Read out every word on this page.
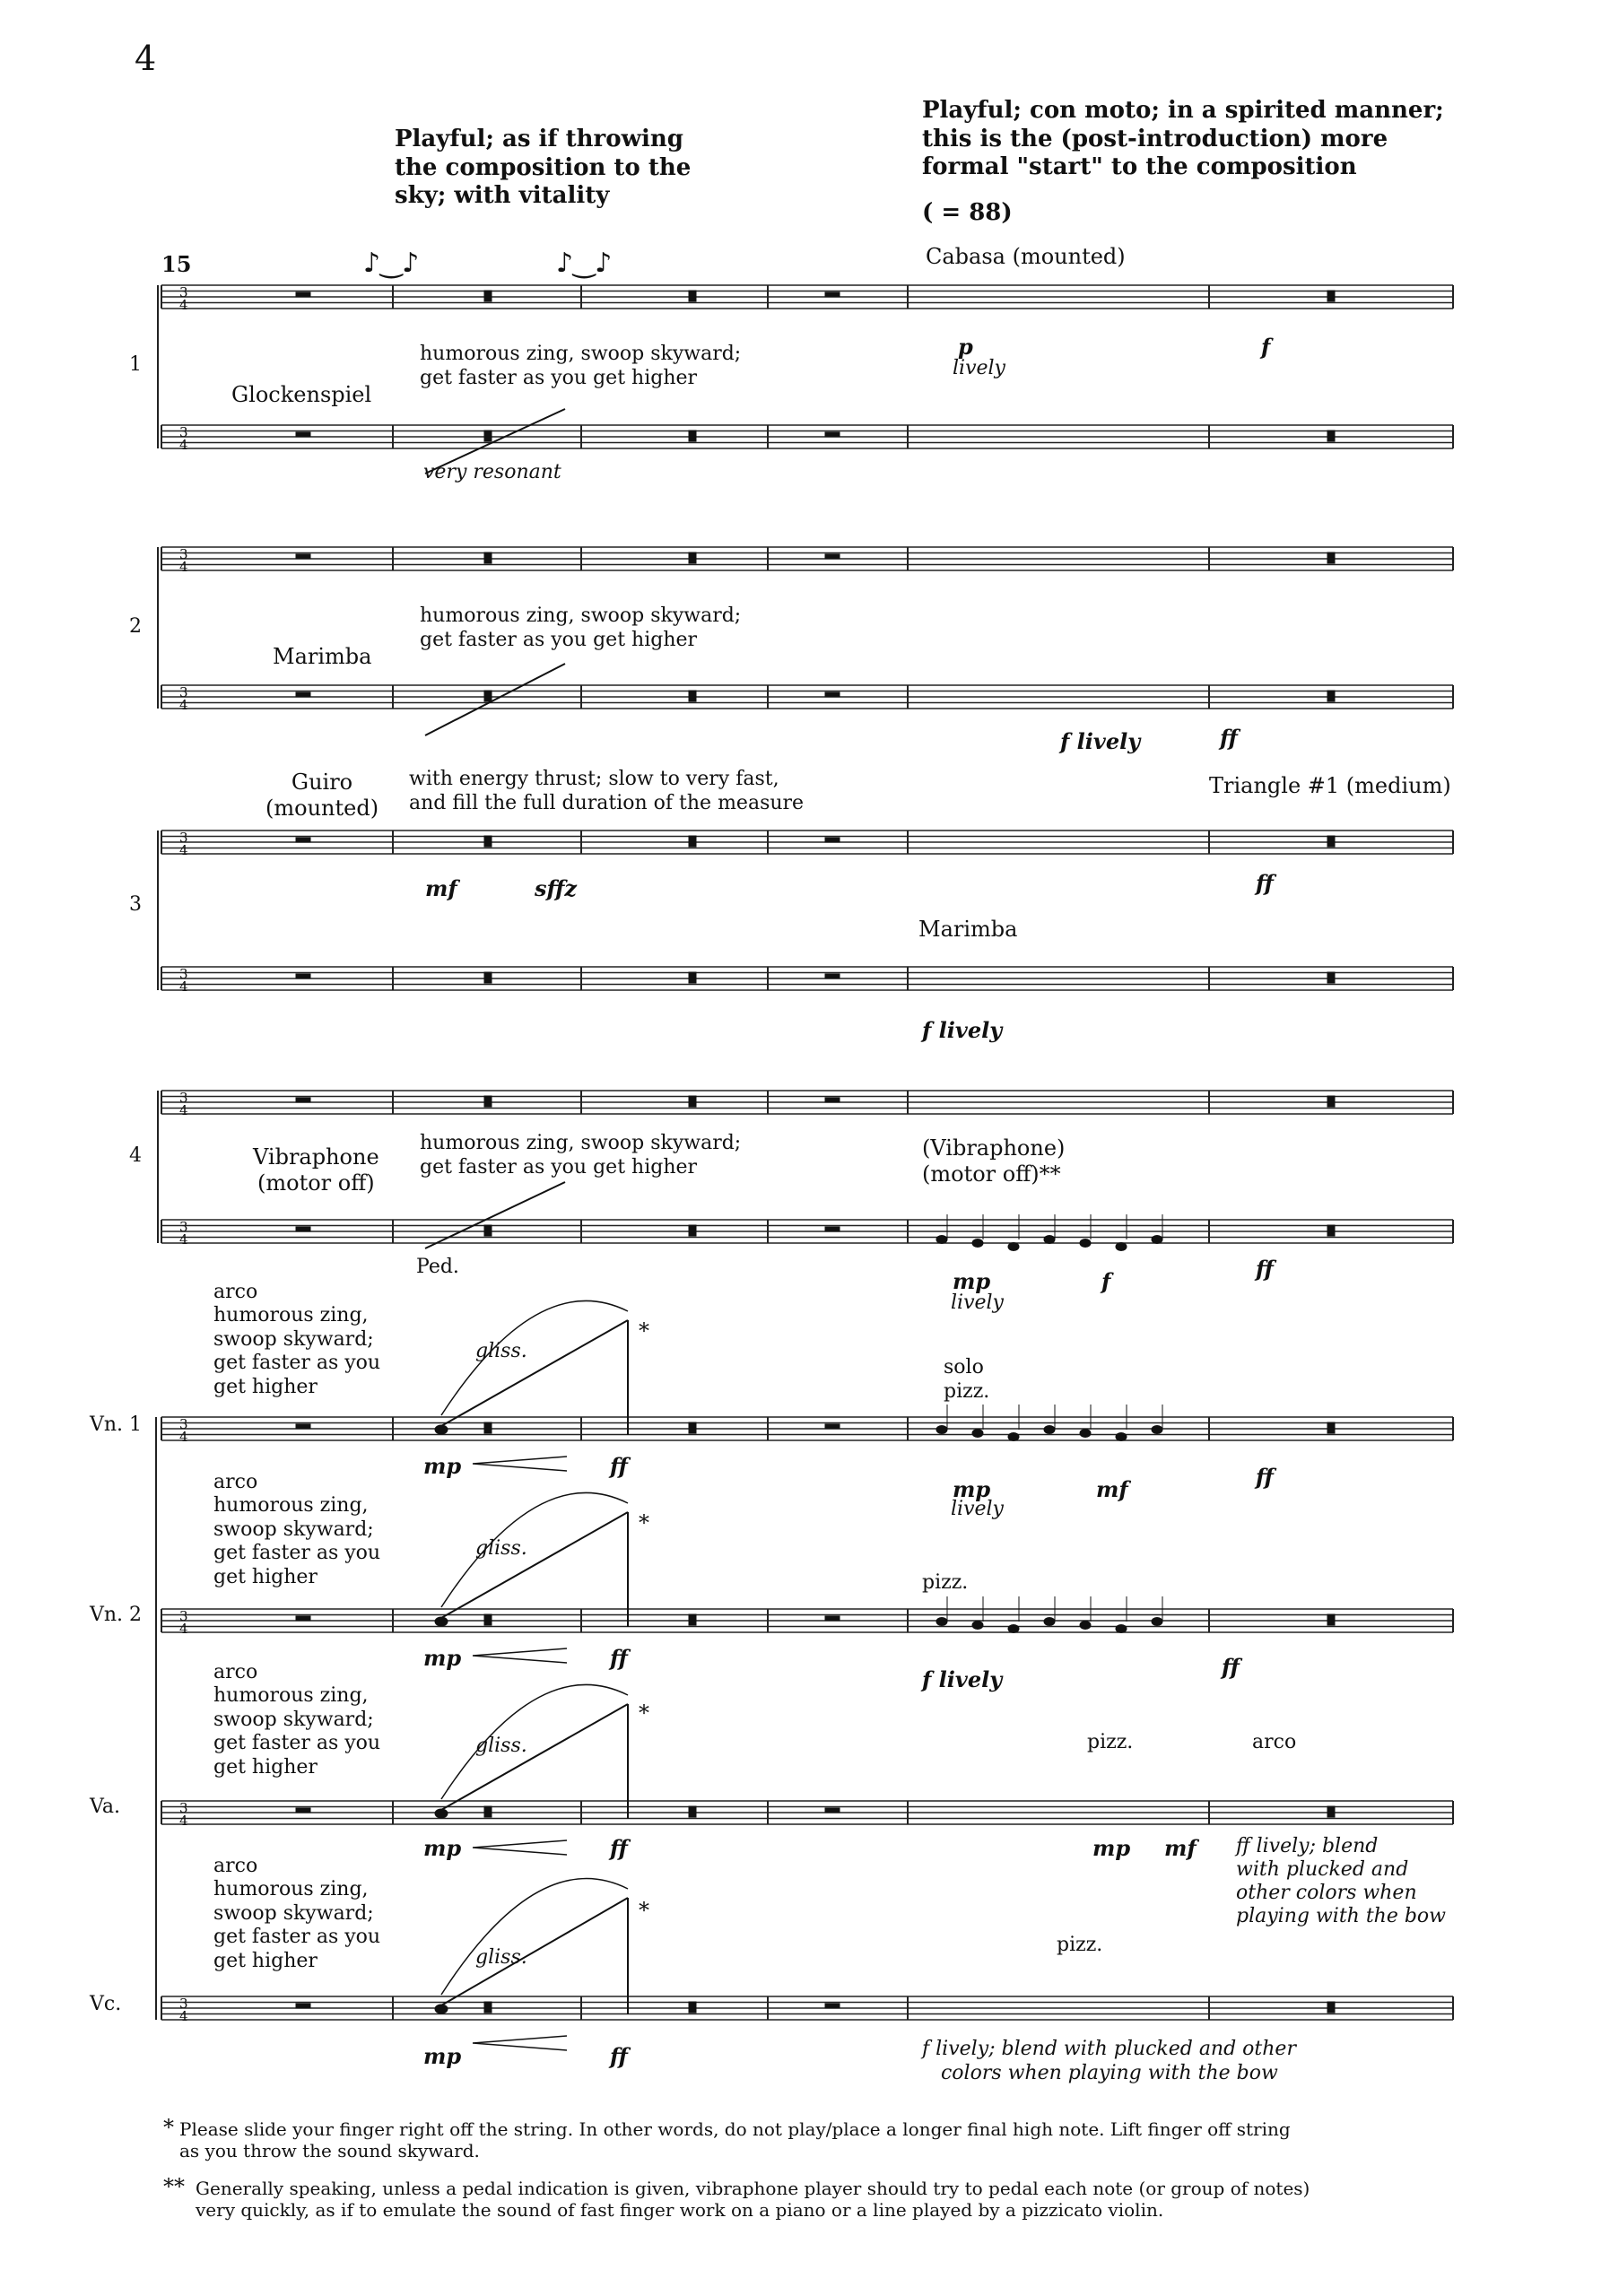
3
4
3
4
3
4
3
4
3
4
3
4
3
4
3
4
3
4
3
4
3
4
3
4
4
Playful; as if throwing
the composition to the
sky; with vitality
Playful; con moto; in a spirited manner;
this is the (post-introduction) more
formal "start" to the composition
( = 88)
15	♪‿♪	♪‿♪
1
Glockenspiel
Cabasa (mounted)
humorous zing, swoop skyward;
get faster as you get higher
very resonant
p
lively
f
2
Marimba
humorous zing, swoop skyward;
get faster as you get higher
ff
f lively
3
Guiro
(mounted)
Triangle #1 (medium)
Marimba
with energy thrust; slow to very fast,
and fill the full duration of the measure
mf	sffz	ff
f lively
4	Vibraphone
(motor off)
(Vibraphone)
(motor off)**
humorous zing, swoop skyward;
get faster as you get higher
Ped.
mp
lively
f	ff
Vn. 1
arco
humorous zing,
swoop skyward;
get faster as you
get higher
gliss.
*
mp	ff
solo
pizz.
mp
lively
mf	ff
Vn. 2
arco
humorous zing,
swoop skyward;
get faster as you
get higher
gliss.
*
mp	ff
pizz.
f lively	ff
Va.
arco
humorous zing,
swoop skyward;
get faster as you
get higher
gliss.
*
mp	ff
pizz.	arco
mp mf ff lively; blend
with plucked and
other colors when
playing with the bow
Vc.
arco
humorous zing,
swoop skyward;
get faster as you
get higher	gliss.
*
mp	ff
pizz.
f lively; blend with plucked and other
colors when playing with the bow
* Please slide your finger right off the string. In other words, do not play/place a longer final high note. Lift finger off string
as you throw the sound skyward.
** Generally speaking, unless a pedal indication is given, vibraphone player should try to pedal each note (or group of notes)
very quickly, as if to emulate the sound of fast finger work on a piano or a line played by a pizzicato violin.
